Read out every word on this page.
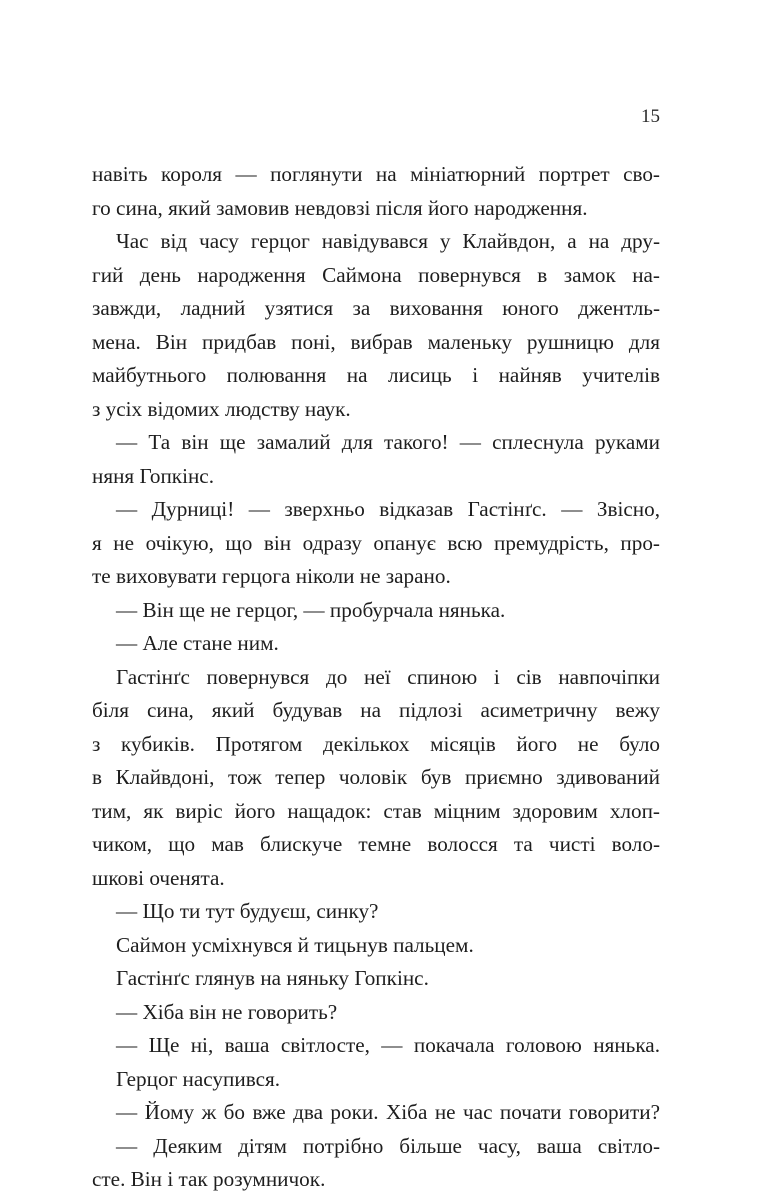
15
навіть короля — поглянути на мініатюрний портрет сво-
го сина, який замовив невдовзі після його народження.
Час від часу герцог навідувався у Клайвдон, а на дру-
гий день народження Саймона повернувся в замок на-
завжди, ладний узятися за виховання юного джентль-
мена. Він придбав поні, вибрав маленьку рушницю для
майбутнього полювання на лисиць і найняв учителів
з усіх відомих людству наук.
— Та він ще замалий для такого! — сплеснула руками
няня Гопкінс.
— Дурниці! — зверхньо відказав Гастінґс. — Звісно,
я не очікую, що він одразу опанує всю премудрість, про-
те виховувати герцога ніколи не зарано.
— Він ще не герцог, — пробурчала нянька.
— Але стане ним.
Гастінґс повернувся до неї спиною і сів навпочіпки
біля сина, який будував на підлозі асиметричну вежу
з кубиків. Протягом декількох місяців його не було
в Клайвдоні, тож тепер чоловік був приємно здивований
тим, як виріс його нащадок: став міцним здоровим хлоп-
чиком, що мав блискуче темне волосся та чисті воло-
шкові оченята.
— Що ти тут будуєш, синку?
Саймон усміхнувся й тицьнув пальцем.
Гастінґс глянув на няньку Гопкінс.
— Хіба він не говорить?
— Ще ні, ваша світлосте, — покачала головою нянька.
Герцог насупився.
— Йому ж бо вже два роки. Хіба не час почати говорити?
— Деяким дітям потрібно більше часу, ваша світло-
сте. Він і так розумничок.
